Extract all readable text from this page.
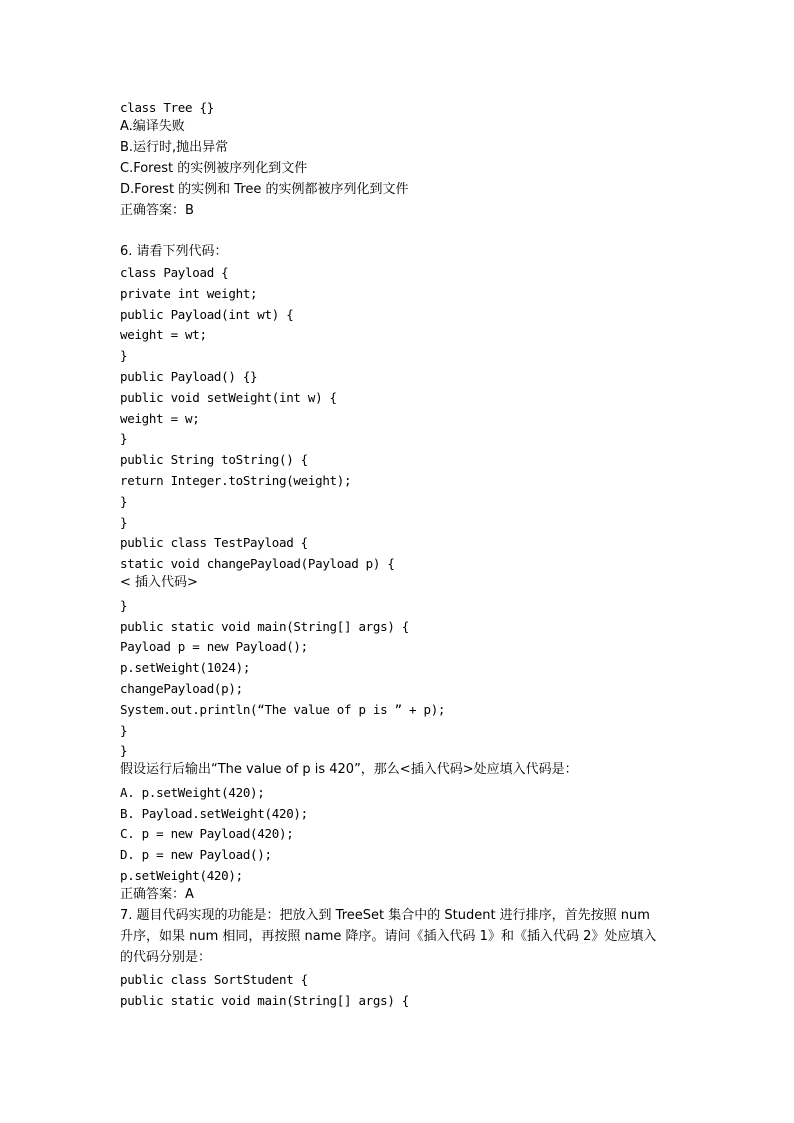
class Tree {}
A.编译失败
B.运行时,抛出异常
C.Forest 的实例被序列化到文件
D.Forest 的实例和 Tree 的实例都被序列化到文件
正确答案：B
6. 请看下列代码：
class Payload {
private int weight;
public Payload(int wt) {
weight = wt;
}
public Payload() {}
public void setWeight(int w) {
weight = w;
}
public String toString() {
return Integer.toString(weight);
}
}
public class TestPayload {
static void changePayload(Payload p) {
< 插入代码>
}
public static void main(String[] args) {
Payload p = new Payload();
p.setWeight(1024);
changePayload(p);
System.out.println(“The value of p is ” + p);
}
}
假设运行后输出“The value of p is 420”，那么<插入代码>处应填入代码是：
A. p.setWeight(420);
B. Payload.setWeight(420);
C. p = new Payload(420);
D. p = new Payload();
p.setWeight(420);
正确答案：A
7. 题目代码实现的功能是：把放入到 TreeSet 集合中的 Student 进行排序，首先按照 num
升序，如果 num 相同，再按照 name 降序。请问《插入代码 1》和《插入代码 2》处应填入
的代码分别是：
public class SortStudent {
public static void main(String[] args) {
